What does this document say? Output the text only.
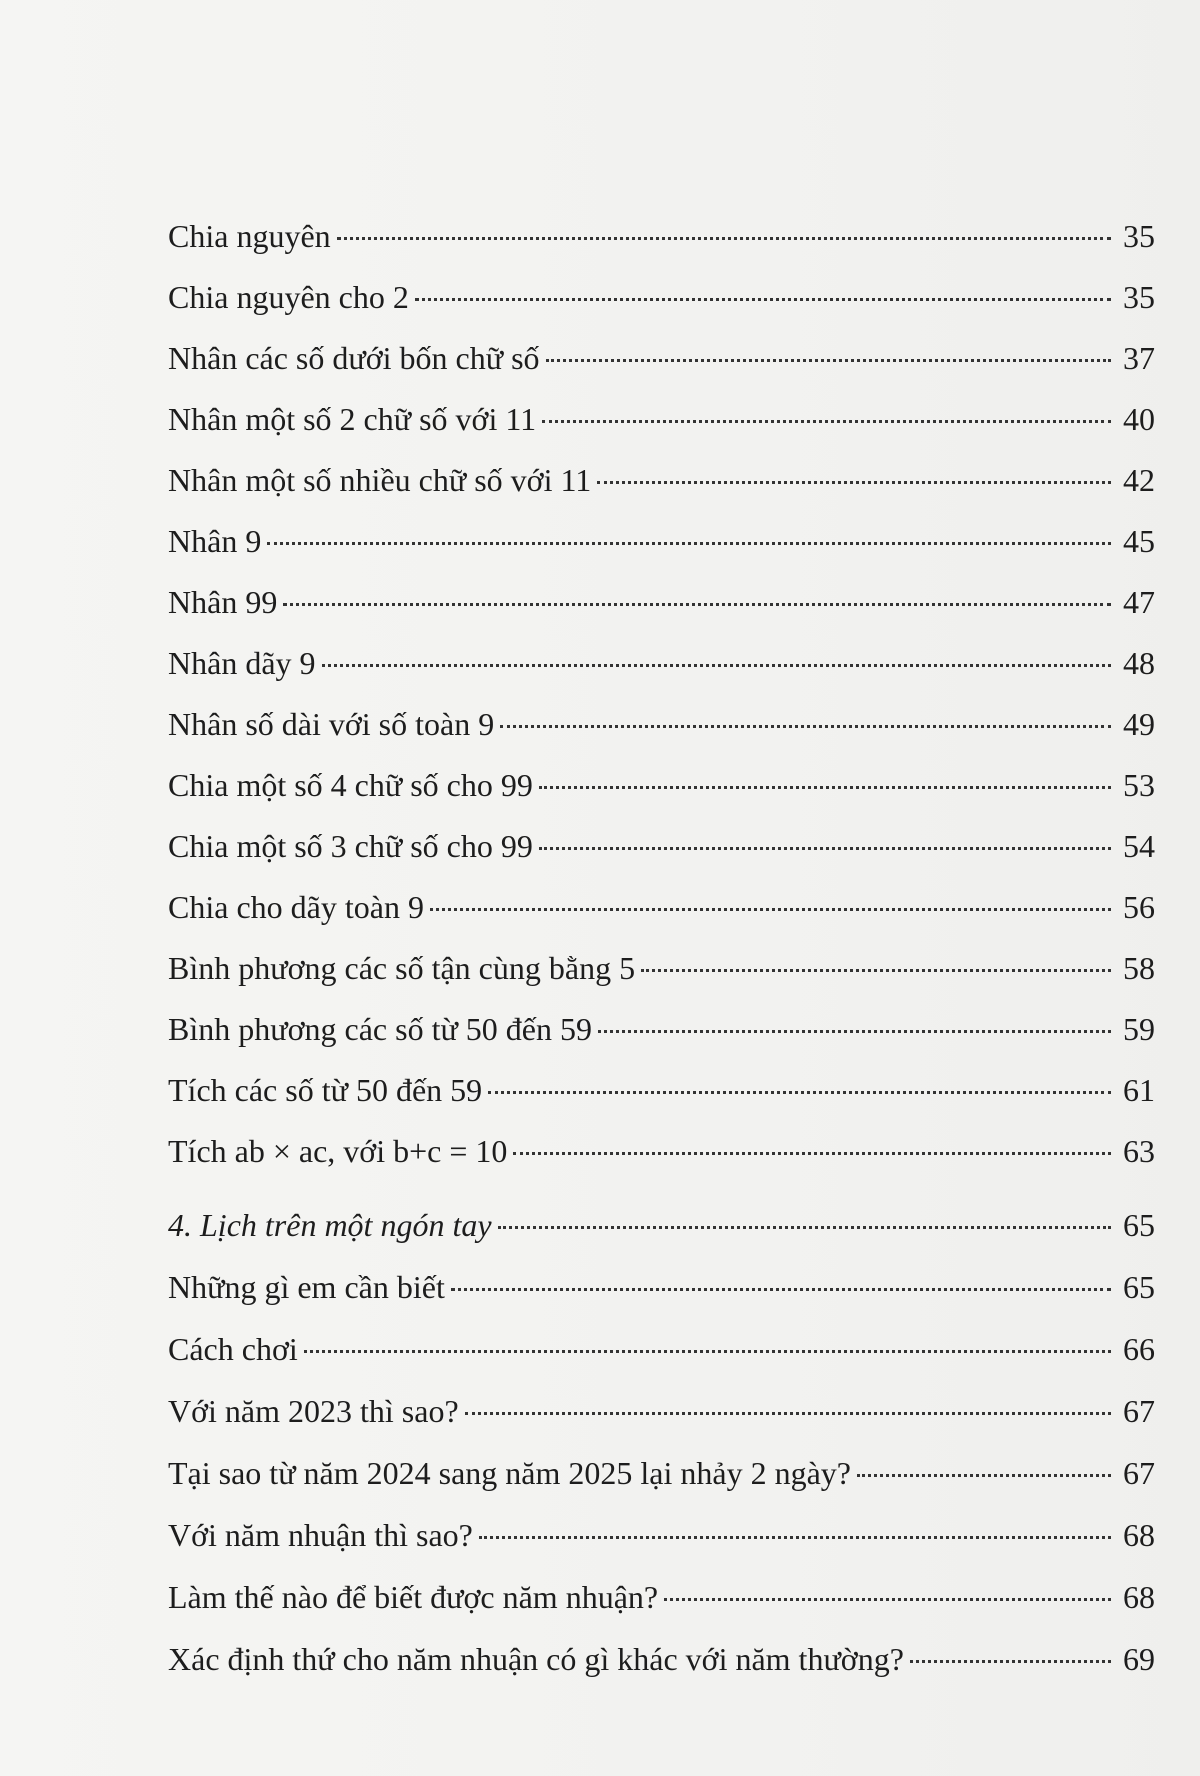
Chia nguyên	35
Chia nguyên cho 2	35
Nhân các số dưới bốn chữ số	37
Nhân một số 2 chữ số với 11	40
Nhân một số nhiều chữ số với 11	42
Nhân 9	45
Nhân 99	47
Nhân dãy 9	48
Nhân số dài với số toàn 9	49
Chia một số 4 chữ số cho 99	53
Chia một số 3 chữ số cho 99	54
Chia cho dãy toàn 9	56
Bình phương các số tận cùng bằng 5	58
Bình phương các số từ 50 đến 59	59
Tích các số từ 50 đến 59	61
Tích ab × ac, với b+c = 10	63
4. Lịch trên một ngón tay	65
Những gì em cần biết	65
Cách chơi	66
Với năm 2023 thì sao?	67
Tại sao từ năm 2024 sang năm 2025 lại nhảy 2 ngày?	67
Với năm nhuận thì sao?	68
Làm thế nào để biết được năm nhuận?	68
Xác định thứ cho năm nhuận có gì khác với năm thường?	69
